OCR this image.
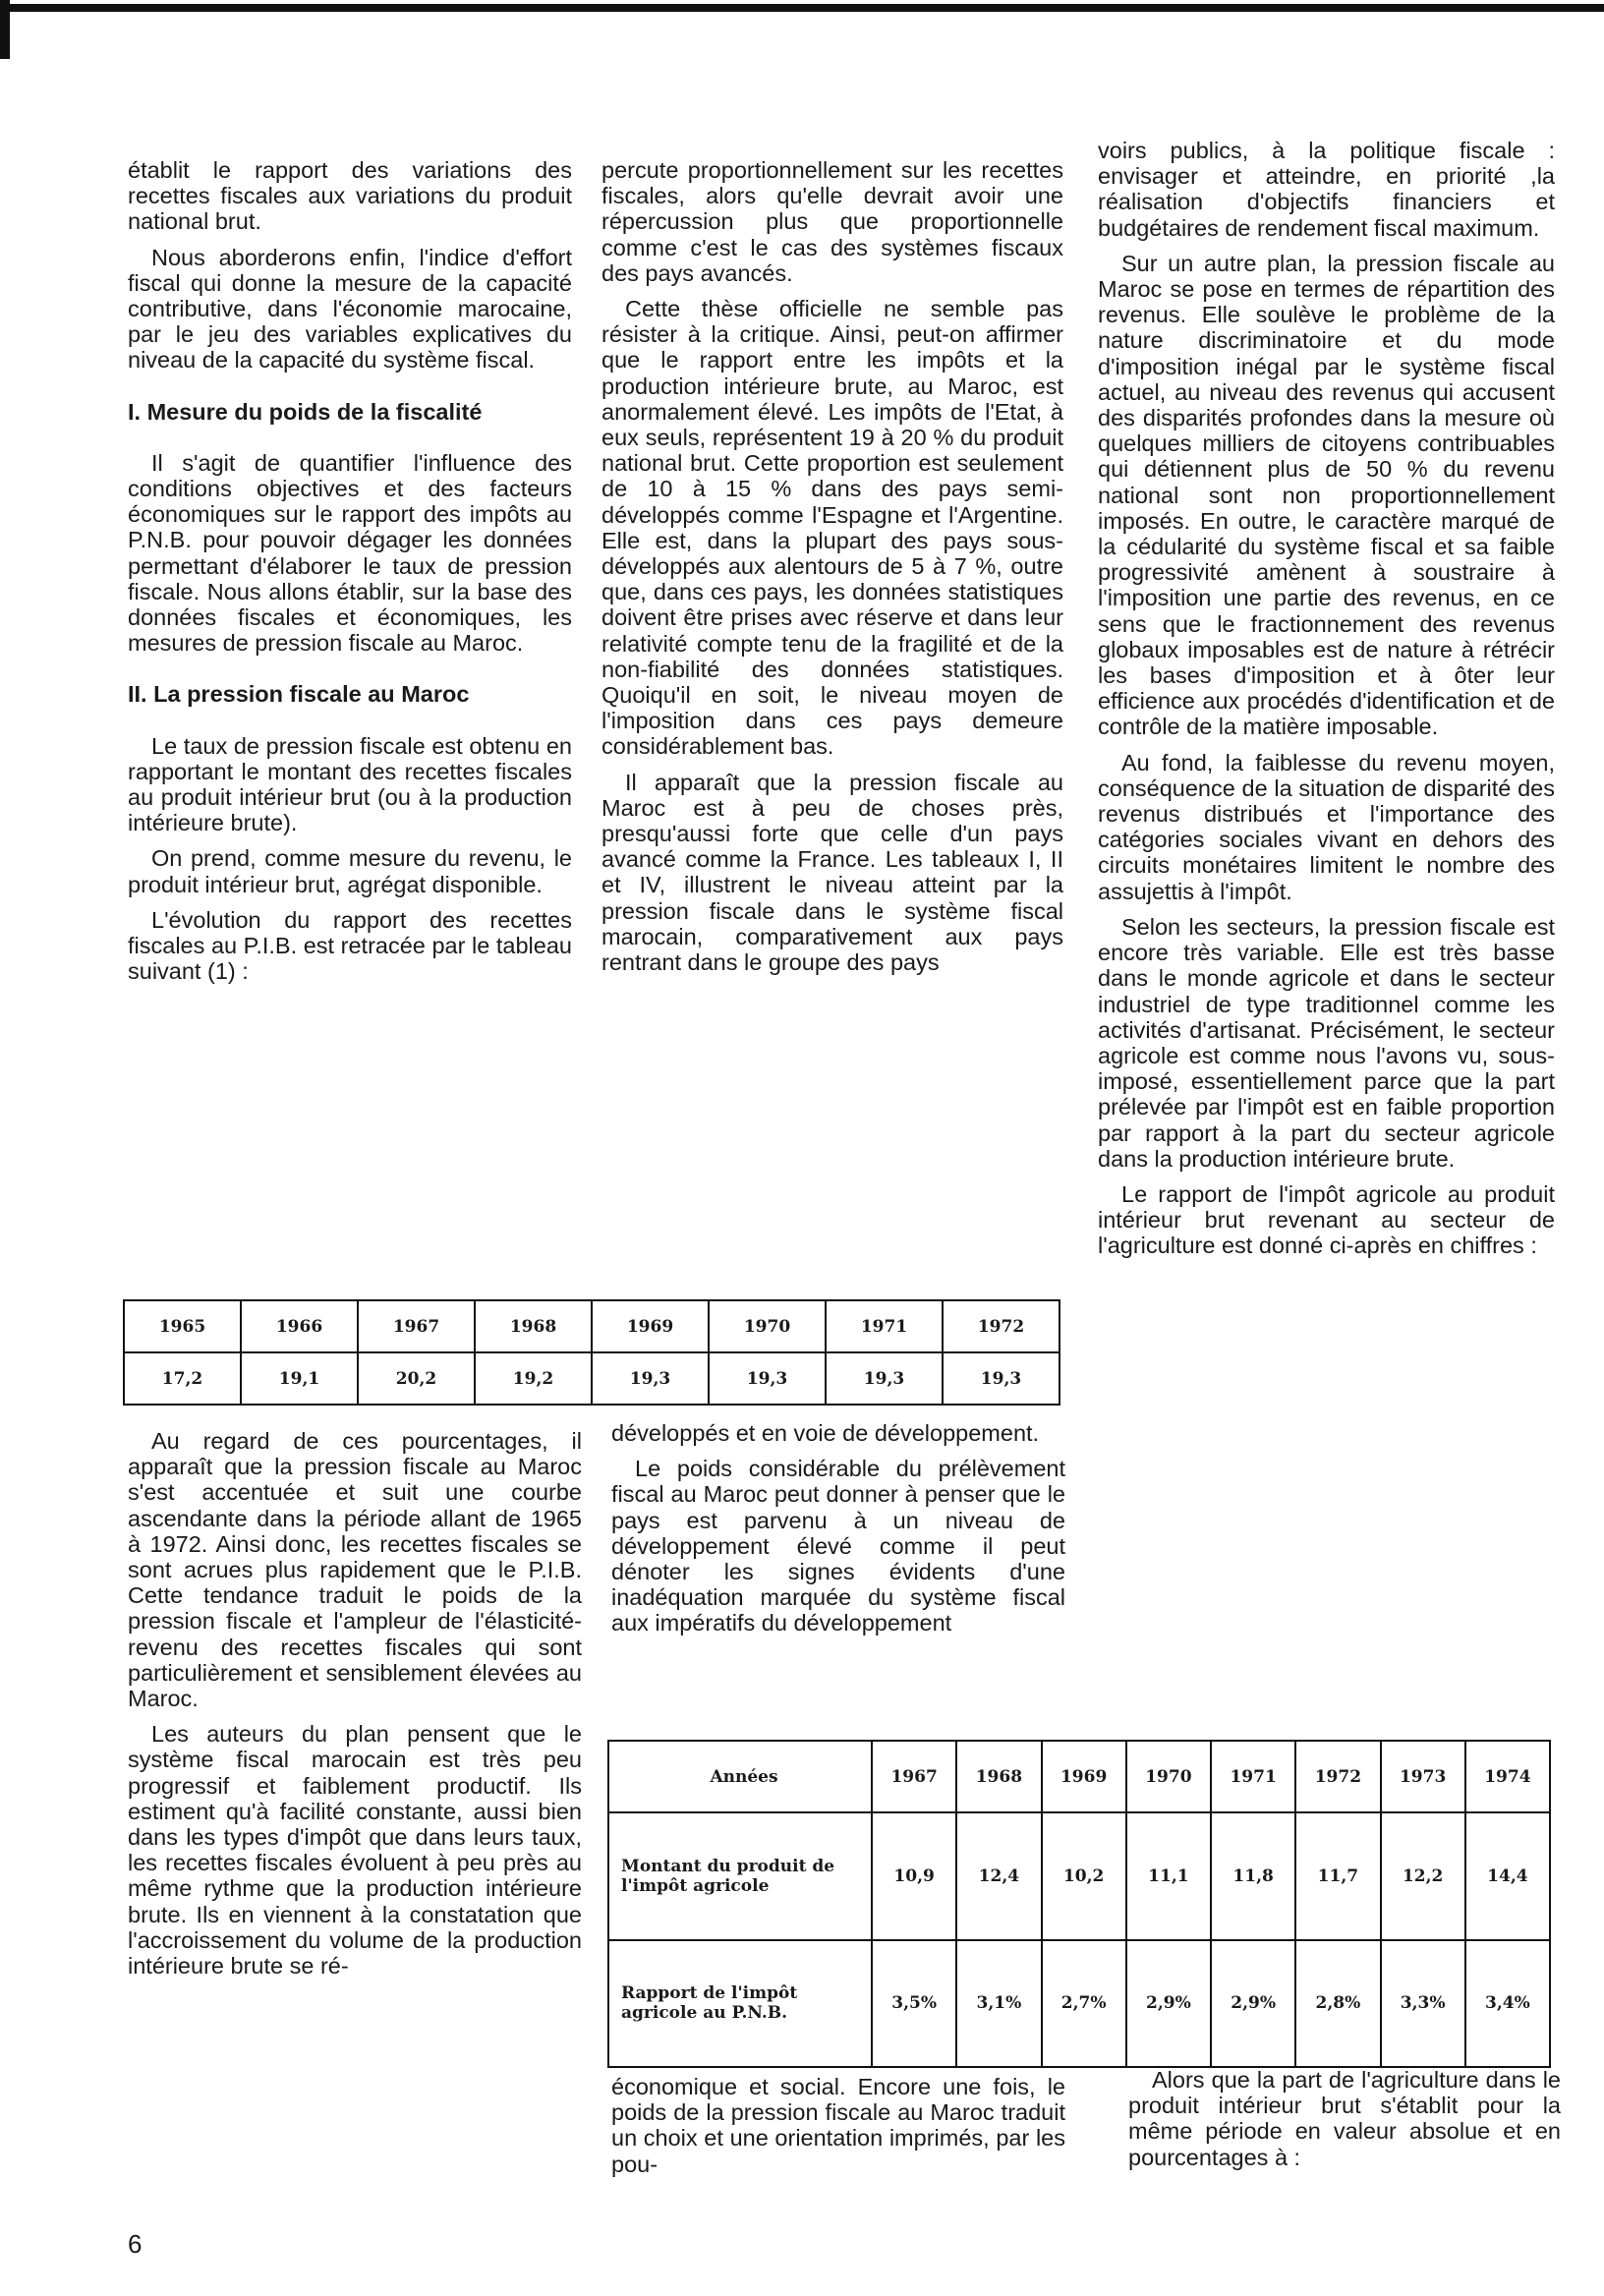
établit le rapport des variations des recettes fiscales aux variations du produit national brut.

Nous aborderons enfin, l'indice d'effort fiscal qui donne la mesure de la capacité contributive, dans l'économie marocaine, par le jeu des variables explicatives du niveau de la capacité du système fiscal.

I. Mesure du poids de la fiscalité

Il s'agit de quantifier l'influence des conditions objectives et des facteurs économiques sur le rapport des impôts au P.N.B. pour pouvoir dégager les données permettant d'élaborer le taux de pression fiscale. Nous allons établir, sur la base des données fiscales et économiques, les mesures de pression fiscale au Maroc.

II. La pression fiscale au Maroc

Le taux de pression fiscale est obtenu en rapportant le montant des recettes fiscales au produit intérieur brut (ou à la production intérieure brute).

On prend, comme mesure du revenu, le produit intérieur brut, agrégat disponible.

L'évolution du rapport des recettes fiscales au P.I.B. est retracée par le tableau suivant (1) :

percute proportionnellement sur les recettes fiscales, alors qu'elle devrait avoir une répercussion plus que proportionnelle comme c'est le cas des systèmes fiscaux des pays avancés.

Cette thèse officielle ne semble pas résister à la critique. Ainsi, peut-on affirmer que le rapport entre les impôts et la production intérieure brute, au Maroc, est anormalement élevé. Les impôts de l'Etat, à eux seuls, représentent 19 à 20 % du produit national brut. Cette proportion est seulement de 10 à 15 % dans des pays semi-développés comme l'Espagne et l'Argentine. Elle est, dans la plupart des pays sous-développés aux alentours de 5 à 7 %, outre que, dans ces pays, les données statistiques doivent être prises avec réserve et dans leur relativité compte tenu de la fragilité et de la non-fiabilité des données statistiques. Quoiqu'il en soit, le niveau moyen de l'imposition dans ces pays demeure considérablement bas.

Il apparaît que la pression fiscale au Maroc est à peu de choses près, presqu'aussi forte que celle d'un pays avancé comme la France. Les tableaux I, II et IV, illustrent le niveau atteint par la pression fiscale dans le système fiscal marocain, comparativement aux pays rentrant dans le groupe des pays

voirs publics, à la politique fiscale : envisager et atteindre, en priorité ,la réalisation d'objectifs financiers et budgétaires de rendement fiscal maximum.

Sur un autre plan, la pression fiscale au Maroc se pose en termes de répartition des revenus. Elle soulève le problème de la nature discriminatoire et du mode d'imposition inégal par le système fiscal actuel, au niveau des revenus qui accusent des disparités profondes dans la mesure où quelques milliers de citoyens contribuables qui détiennent plus de 50 % du revenu national sont non proportionnellement imposés. En outre, le caractère marqué de la cédularité du système fiscal et sa faible progressivité amènent à soustraire à l'imposition une partie des revenus, en ce sens que le fractionnement des revenus globaux imposables est de nature à rétrécir les bases d'imposition et à ôter leur efficience aux procédés d'identification et de contrôle de la matière imposable.

Au fond, la faiblesse du revenu moyen, conséquence de la situation de disparité des revenus distribués et l'importance des catégories sociales vivant en dehors des circuits monétaires limitent le nombre des assujettis à l'impôt.

Selon les secteurs, la pression fiscale est encore très variable. Elle est très basse dans le monde agricole et dans le secteur industriel de type traditionnel comme les activités d'artisanat. Précisément, le secteur agricole est comme nous l'avons vu, sous-imposé, essentiellement parce que la part prélevée par l'impôt est en faible proportion par rapport à la part du secteur agricole dans la production intérieure brute.

Le rapport de l'impôt agricole au produit intérieur brut revenant au secteur de l'agriculture est donné ci-après en chiffres :

1965	1966	1967	1968	1969	1970	1971	1972
17,2	19,1	20,2	19,2	19,3	19,3	19,3	19,3

Au regard de ces pourcentages, il apparaît que la pression fiscale au Maroc s'est accentuée et suit une courbe ascendante dans la période allant de 1965 à 1972. Ainsi donc, les recettes fiscales se sont acrues plus rapidement que le P.I.B. Cette tendance traduit le poids de la pression fiscale et l'ampleur de l'élasticité-revenu des recettes fiscales qui sont particulièrement et sensiblement élevées au Maroc.

Les auteurs du plan pensent que le système fiscal marocain est très peu progressif et faiblement productif. Ils estiment qu'à facilité constante, aussi bien dans les types d'impôt que dans leurs taux, les recettes fiscales évoluent à peu près au même rythme que la production intérieure brute. Ils en viennent à la constatation que l'accroissement du volume de la production intérieure brute se ré-

développés et en voie de développement.

Le poids considérable du prélèvement fiscal au Maroc peut donner à penser que le pays est parvenu à un niveau de développement élevé comme il peut dénoter les signes évidents d'une inadéquation marquée du système fiscal aux impératifs du développement

Années	1967	1968	1969	1970	1971	1972	1973	1974
Montant du produit de l'impôt agricole	10,9	12,4	10,2	11,1	11,8	11,7	12,2	14,4
Rapport de l'impôt agricole au P.N.B.	3,5%	3,1%	2,7%	2,9%	2,9%	2,8%	3,3%	3,4%

économique et social. Encore une fois, le poids de la pression fiscale au Maroc traduit un choix et une orientation imprimés, par les pou-

Alors que la part de l'agriculture dans le produit intérieur brut s'établit pour la même période en valeur absolue et en pourcentages à :

6
